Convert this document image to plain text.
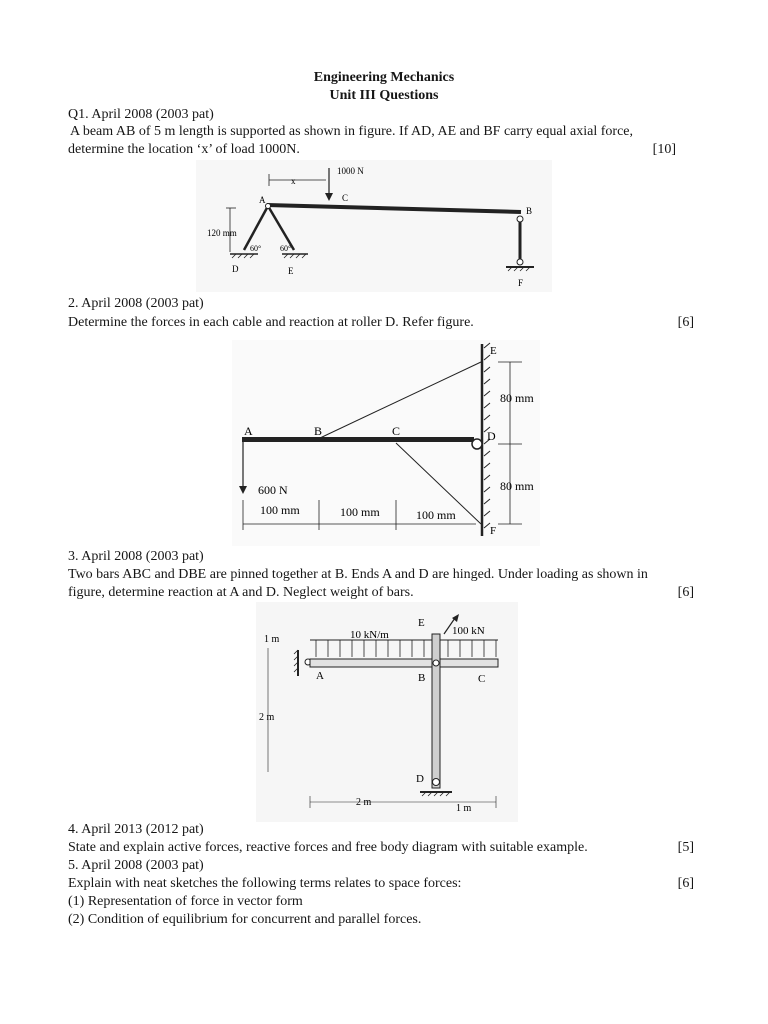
Engineering Mechanics
Unit III Questions
Q1. April 2008 (2003 pat)
A beam AB of 5 m length is supported as shown in figure. If AD, AE and BF carry equal axial force,
determine the location ‘x’ of load 1000N.	[10]
1000 N
x
A	C
B
60° 60°
D	E
120 mm
F
2. April 2008 (2003 pat)
Determine the forces in each cable and reaction at roller D. Refer figure.	[6]
A	B	C	D
E
F
600 N
100 mm	100 mm	100 mm
80 mm
80 mm
3. April 2008 (2003 pat)
Two bars ABC and DBE are pinned together at B. Ends A and D are hinged. Under loading as shown in
figure, determine reaction at A and D. Neglect weight of bars.	[6]
10 kN/m	100 kN
E
A	B	C
D
1 m
2 m
2 m
1 m
4. April 2013 (2012 pat)
State and explain active forces, reactive forces and free body diagram with suitable example.	[5]
5. April 2008 (2003 pat)
Explain with neat sketches the following terms relates to space forces:	[6]
(1) Representation of force in vector form
(2) Condition of equilibrium for concurrent and parallel forces.
